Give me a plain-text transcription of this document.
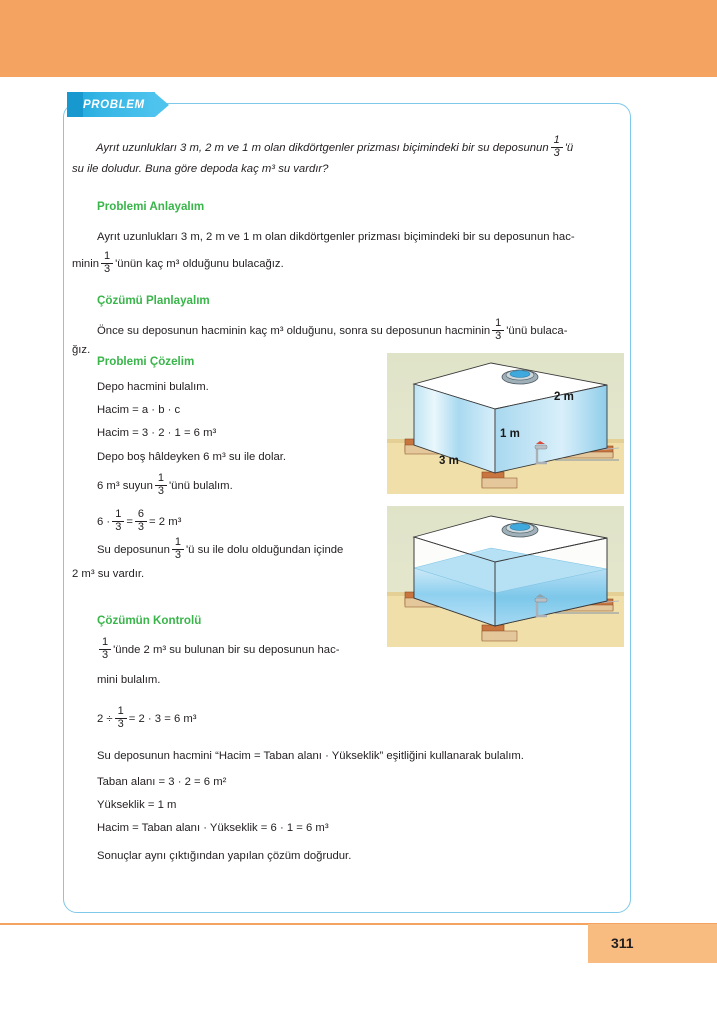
PROBLEM
Ayrıt uzunlukları 3 m, 2 m ve 1 m olan dikdörtgenler prizması biçimindeki bir su deposunun $\frac{1}{3}$ 'ü
su ile doludur. Buna göre depoda kaç m³ su vardır?
Problemi Anlayalım
Ayrıt uzunlukları 3 m, 2 m ve 1 m olan dikdörtgenler prizması biçimindeki bir su deposunun hac-
minin $\frac{1}{3}$ 'ünün kaç m³ olduğunu bulacağız.
Çözümü Planlayalım
Önce su deposunun hacminin kaç m³ olduğunu, sonra su deposunun hacminin $\frac{1}{3}$ 'ünü bulaca-
ğız.
Problemi Çözelim
Depo hacmini bulalım.
Hacim = a · b · c
Hacim = 3 · 2 · 1 = 6 m³
Depo boş hâldeyken 6 m³ su ile dolar.
6 m³ suyun $\frac{1}{3}$ 'ünü bulalım.
$6 \cdot \frac{1}{3} = \frac{6}{3} = 2$ m³
Su deposunun $\frac{1}{3}$ 'ü su ile dolu olduğundan içinde
2 m³ su vardır.
Çözümün Kontrolü
$\frac{1}{3}$ 'ünde 2 m³ su bulunan bir su deposunun hac-
mini bulalım.
$2 \div \frac{1}{3} = 2 \cdot 3 = 6$ m³
Su deposunun hacmini “Hacim = Taban alanı · Yükseklik” eşitliğini kullanarak bulalım.
Taban alanı = 3 · 2 = 6 m²
Yükseklik = 1 m
Hacim = Taban alanı · Yükseklik = 6 · 1 = 6 m³
Sonuçlar aynı çıktığından yapılan çözüm doğrudur.
2 m
1 m
3 m
311
